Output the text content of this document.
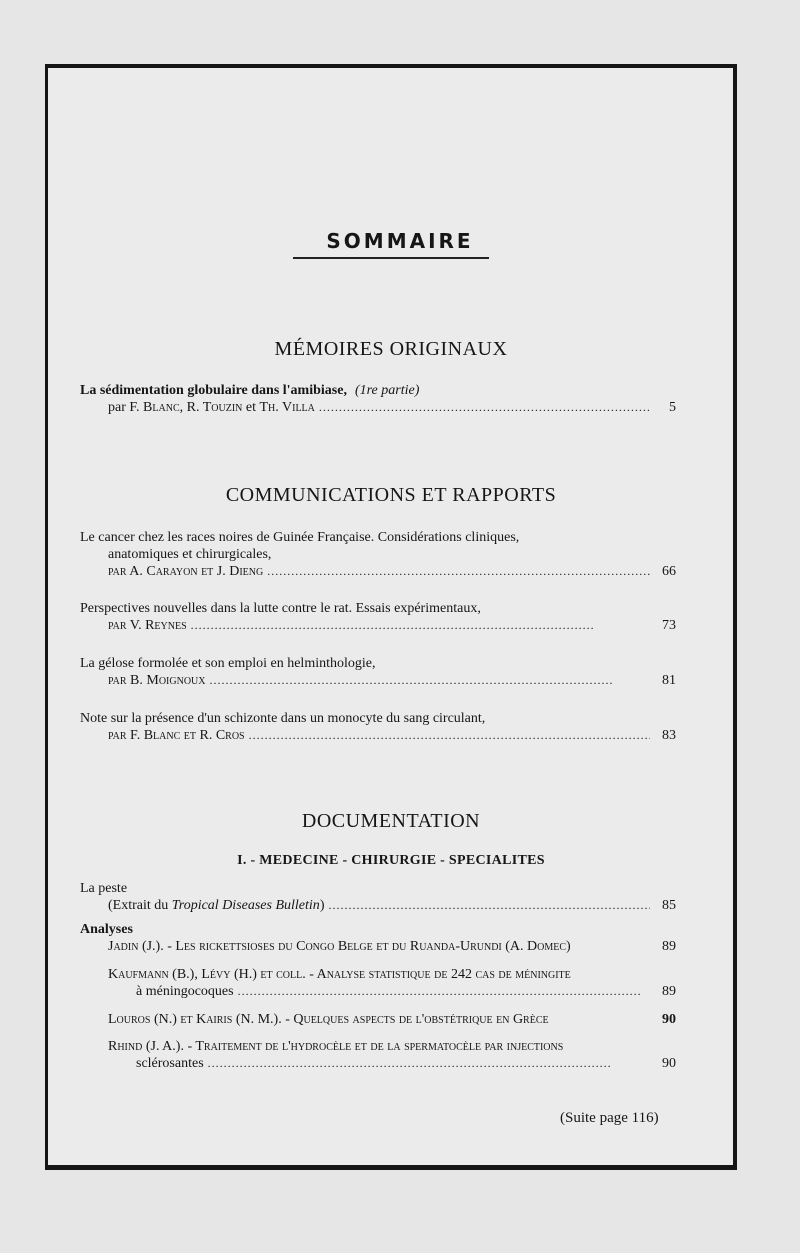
SOMMAIRE
MÉMOIRES ORIGINAUX
La sédimentation globulaire dans l'amibiase, (1re partie)
par
F. Blanc ,
R. Touzin
et
Th. Villa . . .	5
COMMUNICATIONS ET RAPPORTS
Le cancer chez les races noires de Guinée Française. Considérations cliniques,
anatomiques et chirurgicales,
par A. Carayon et J. Dieng . . .	66
Perspectives nouvelles dans la lutte contre le rat. Essais expérimentaux,
par V. Reynes . . .	73
La gélose formolée et son emploi en helminthologie,
par B. Moignoux . . .	81
Note sur la présence d'un schizonte dans un monocyte du sang circulant,
par F. Blanc et R. Cros . . .	83
DOCUMENTATION
I. - MEDECINE - CHIRURGIE - SPECIALITES
La peste
(Extrait du
Tropical Diseases Bulletin ) . . .	85
Analyses
Jadin (J.). - Les rickettsioses du Congo Belge et du Ruanda-Urundi (A. Domec)	89
Kaufmann (B.), Lévy (H.) et coll. - Analyse statistique de 242 cas de méningite
à méningocoques . . .	89
Louros (N.) et Kairis (N. M.). - Quelques aspects de l'obstétrique en Grèce	90
Rhind (J. A.). - Traitement de l'hydrocèle et de la spermatocèle par injections
sclérosantes . . .	90
(Suite page 116)
